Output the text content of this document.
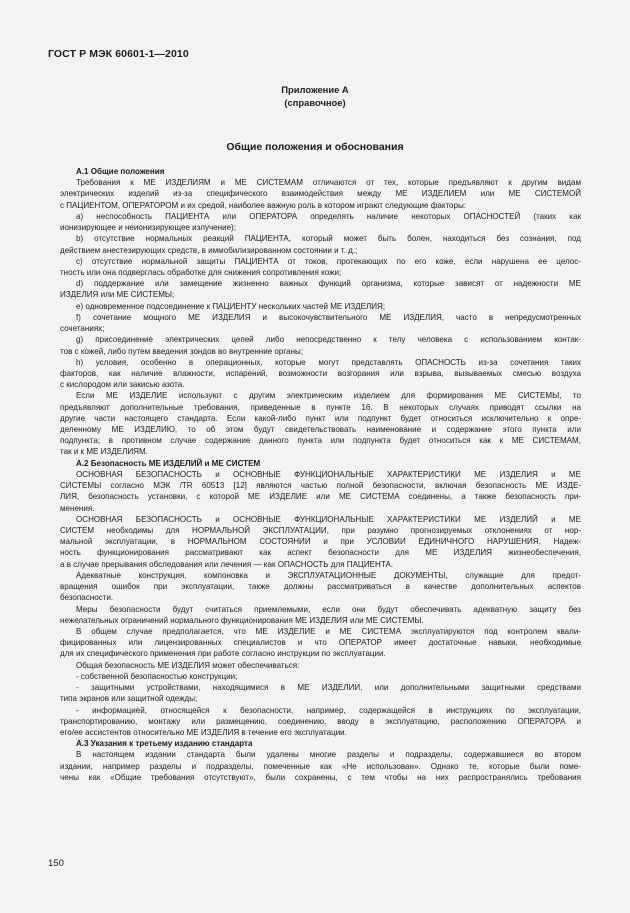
ГОСТ Р МЭК 60601-1—2010
Приложение А
(справочное)
Общие положения и обоснования
A.1 Общие положения
Требования к МЕ ИЗДЕЛИЯМ и МЕ СИСТЕМАМ отличаются от тех, которые предъявляют к другим видам
электрических изделий из-за специфического взаимодействия между МЕ ИЗДЕЛИЕМ или МЕ СИСТЕМОЙ
с ПАЦИЕНТОМ, ОПЕРАТОРОМ и их средой, наиболее важную роль в котором играют следующие факторы:
а) неспособность ПАЦИЕНТА или ОПЕРАТОРА определять наличие некоторых ОПАСНОСТЕЙ (таких как
ионизирующее и неионизирующее излучение);
b) отсутствие нормальных реакций ПАЦИЕНТА, который может быть болен, находиться без сознания, под
действием анестезирующих средств, в иммобилизированном состоянии и т. д.;
с) отсутствие нормальной защиты ПАЦИЕНТА от токов, протекающих по его коже, если нарушена ее целос-
тность или она подверглась обработке для снижения сопротивления кожи;
d) поддержание или замещение жизненно важных функций организма, которые зависят от надежности МЕ
ИЗДЕЛИЯ или МЕ СИСТЕМЫ;
е) одновременное подсоединение к ПАЦИЕНТУ нескольких частей МЕ ИЗДЕЛИЯ;
f) сочетание мощного МЕ ИЗДЕЛИЯ и высокочувствительного МЕ ИЗДЕЛИЯ, часто в непредусмотренных
сочетаниях;
g) присоединение электрических цепей либо непосредственно к телу человека с использованием контак-
тов с кожей, либо путем введения зондов во внутренние органы;
h) условия, особенно в операционных, которые могут представлять ОПАСНОСТЬ из-за сочетания таких
факторов, как наличие влажности, испарений, возможности возгорания или взрыва, вызываемых смесью воздуха
с кислородом или закисью азота.
Если МЕ ИЗДЕЛИЕ используют с другим электрическим изделием для формирования МЕ СИСТЕМЫ, то
предъявляют дополнительные требования, приведенные в пункте 16. В некоторых случаях приводят ссылки на
другие части настоящего стандарта. Если какой-либо пункт или подпункт будет относиться исключительно к опре-
деленному МЕ ИЗДЕЛИЮ, то об этом будут свидетельствовать наименование и содержание этого пункта или
подпункта; в противном случае содержание данного пункта или подпункта будет относиться как к МЕ СИСТЕМАМ,
так и к МЕ ИЗДЕЛИЯМ.
А.2 Безопасность МЕ ИЗДЕЛИЙ и МЕ СИСТЕМ
ОСНОВНАЯ БЕЗОПАСНОСТЬ и ОСНОВНЫЕ ФУНКЦИОНАЛЬНЫЕ ХАРАКТЕРИСТИКИ МЕ ИЗДЕЛИЯ и МЕ
СИСТЕМЫ согласно МЭК /TR 60513 [12] являются частью полной безопасности, включая безопасность МЕ ИЗДЕ-
ЛИЯ, безопасность установки, с которой МЕ ИЗДЕЛИЕ или МЕ СИСТЕМА соединены, а также безопасность при-
менения.
ОСНОВНАЯ БЕЗОПАСНОСТЬ и ОСНОВНЫЕ ФУНКЦИОНАЛЬНЫЕ ХАРАКТЕРИСТИКИ МЕ ИЗДЕЛИЙ и МЕ
СИСТЕМ необходимы для НОРМАЛЬНОЙ ЭКСПЛУАТАЦИИ, при разумно прогнозируемых отклонениях от нор-
мальной эксплуатации, в НОРМАЛЬНОМ СОСТОЯНИИ и при УСЛОВИИ ЕДИНИЧНОГО НАРУШЕНИЯ. Надеж-
ность функционирования рассматривают как аспект безопасности для МЕ ИЗДЕЛИЯ жизнеобеспечения,
а в случае прерывания обследования или лечения — как ОПАСНОСТЬ для ПАЦИЕНТА.
Адекватные конструкция, компоновка и ЭКСПЛУАТАЦИОННЫЕ ДОКУМЕНТЫ, служащие для предот-
вращения ошибок при эксплуатации, также должны рассматриваться в качестве дополнительных аспектов
безопасности.
Меры безопасности будут считаться приемлемыми, если они будут обеспечивать адекватную защиту без
нежелательных ограничений нормального функционирования МЕ ИЗДЕЛИЯ или МЕ СИСТЕМЫ.
В общем случае предполагается, что МЕ ИЗДЕЛИЕ и МЕ СИСТЕМА эксплуатируются под контролем квали-
фицированных или лицензированных специалистов и что ОПЕРАТОР имеет достаточные навыки, необходимые
для их специфического применения при работе согласно инструкции по эксплуатации.
Общая безопасность МЕ ИЗДЕЛИЯ может обеспечиваться:
- собственной безопасностью конструкции;
- защитными устройствами, находящимися в МЕ ИЗДЕЛИИ, или дополнительными защитными средствами
типа экранов или защитной одежды;
- информацией, относящейся к безопасности, например, содержащейся в инструкциях по эксплуатации,
транспортированию, монтажу или размещению, соединению, вводу в эксплуатацию, расположению ОПЕРАТОРА и
его/ее ассистентов относительно МЕ ИЗДЕЛИЯ в течение его эксплуатации.
А.3 Указания к третьему изданию стандарта
В настоящем издании стандарта были удалены многие разделы и подразделы, содержавшиеся во втором
издании, например разделы и подразделы, помеченные как «Не использован». Однако те, которые были поме-
чены как «Общие требования отсутствуют», были сохранены, с тем чтобы на них распространялись требования
150
